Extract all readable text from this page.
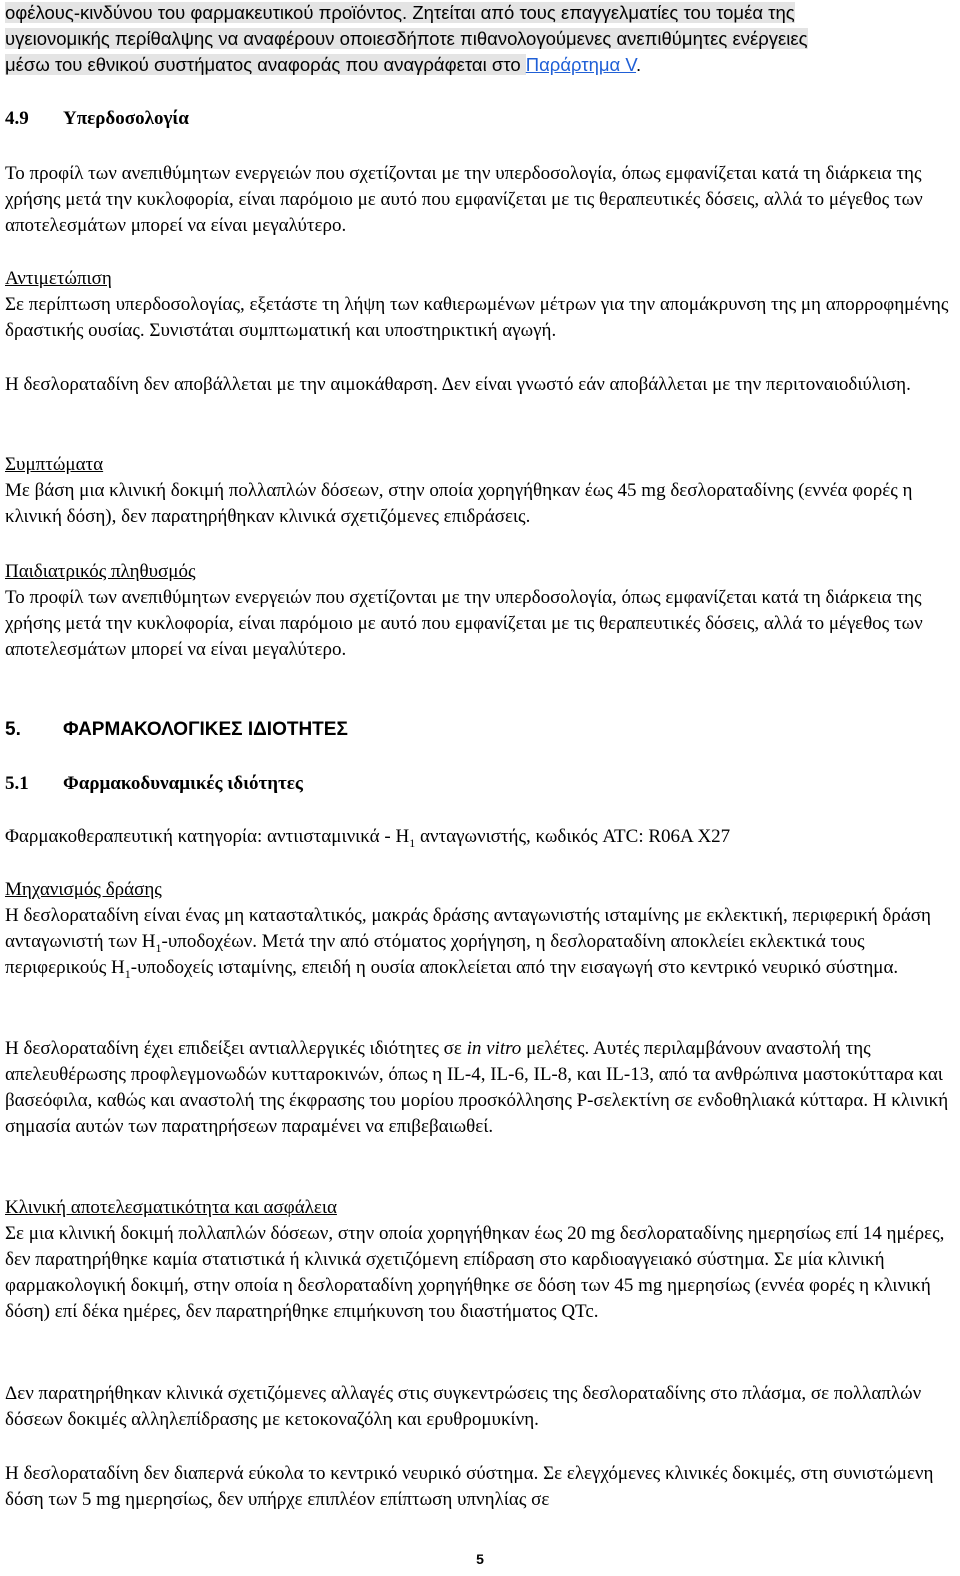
οφέλους-κινδύνου του φαρμακευτικού προϊόντος. Ζητείται από τους επαγγελματίες του τομέα της

υγειονομικής περίθαλψης να αναφέρουν οποιεσδήποτε πιθανολογούμενες ανεπιθύμητες ενέργειες

μέσω του εθνικού συστήματος αναφοράς που αναγράφεται στο Παράρτημα V.

4.9 Υπερδοσολογία
Το προφίλ των ανεπιθύμητων ενεργειών που σχετίζονται με την υπερδοσολογία, όπως εμφανίζεται κατά τη διάρκεια της χρήσης μετά την κυκλοφορία, είναι παρόμοιο με αυτό που εμφανίζεται με τις θεραπευτικές δόσεις, αλλά το μέγεθος των αποτελεσμάτων μπορεί να είναι μεγαλύτερο.

Αντιμετώπιση

Σε περίπτωση υπερδοσολογίας, εξετάστε τη λήψη των καθιερωμένων μέτρων για την απομάκρυνση της μη απορροφημένης δραστικής ουσίας. Συνιστάται συμπτωματική και υποστηρικτική αγωγή.

Η δεσλοραταδίνη δεν αποβάλλεται με την αιμοκάθαρση. Δεν είναι γνωστό εάν αποβάλλεται με την περιτοναιοδιύλιση.

Συμπτώματα

Με βάση μια κλινική δοκιμή πολλαπλών δόσεων, στην οποία χορηγήθηκαν έως 45 mg δεσλοραταδίνης (εννέα φορές η κλινική δόση), δεν παρατηρήθηκαν κλινικά σχετιζόμενες επιδράσεις.

Παιδιατρικός πληθυσμός

Το προφίλ των ανεπιθύμητων ενεργειών που σχετίζονται με την υπερδοσολογία, όπως εμφανίζεται κατά τη διάρκεια της χρήσης μετά την κυκλοφορία, είναι παρόμοιο με αυτό που εμφανίζεται με τις θεραπευτικές δόσεις, αλλά το μέγεθος των αποτελεσμάτων μπορεί να είναι μεγαλύτερο.

5. ΦΑΡΜΑΚΟΛΟΓΙΚΕΣ ΙΔΙΟΤΗΤΕΣ
5.1 Φαρμακοδυναμικές ιδιότητες
Φαρμακοθεραπευτική κατηγορία: αντιισταμινικά - $H_1$ ανταγωνιστής, κωδικός ATC: R06A X27

Μηχανισμός δράσης

Η δεσλοραταδίνη είναι ένας μη κατασταλτικός, μακράς δράσης ανταγωνιστής ισταμίνης με εκλεκτική, περιφερική δράση ανταγωνιστή των $H_1$-υποδοχέων. Μετά την από στόματος χορήγηση, η δεσλοραταδίνη αποκλείει εκλεκτικά τους περιφερικούς $H_1$-υποδοχείς ισταμίνης, επειδή η ουσία αποκλείεται από την εισαγωγή στο κεντρικό νευρικό σύστημα.

Η δεσλοραταδίνη έχει επιδείξει αντιαλλεργικές ιδιότητες σε in vitro μελέτες. Αυτές περιλαμβάνουν αναστολή της απελευθέρωσης προφλεγμονωδών κυτταροκινών, όπως η IL-4, IL-6, IL-8, και IL-13, από τα ανθρώπινα μαστοκύτταρα και βασεόφιλα, καθώς και αναστολή της έκφρασης του μορίου προσκόλλησης P-σελεκτίνη σε ενδοθηλιακά κύτταρα. Η κλινική σημασία αυτών των παρατηρήσεων παραμένει να επιβεβαιωθεί.

Κλινική αποτελεσματικότητα και ασφάλεια

Σε μια κλινική δοκιμή πολλαπλών δόσεων, στην οποία χορηγήθηκαν έως 20 mg δεσλοραταδίνης ημερησίως επί 14 ημέρες, δεν παρατηρήθηκε καμία στατιστικά ή κλινικά σχετιζόμενη επίδραση στο καρδιοαγγειακό σύστημα. Σε μία κλινική φαρμακολογική δοκιμή, στην οποία η δεσλοραταδίνη χορηγήθηκε σε δόση των 45 mg ημερησίως (εννέα φορές η κλινική δόση) επί δέκα ημέρες, δεν παρατηρήθηκε επιμήκυνση του διαστήματος QTc.

Δεν παρατηρήθηκαν κλινικά σχετιζόμενες αλλαγές στις συγκεντρώσεις της δεσλοραταδίνης στο πλάσμα, σε πολλαπλών δόσεων δοκιμές αλληλεπίδρασης με κετοκοναζόλη και ερυθρομυκίνη.
Η δεσλοραταδίνη δεν διαπερνά εύκολα το κεντρικό νευρικό σύστημα. Σε ελεγχόμενες κλινικές δοκιμές, στη συνιστώμενη δόση των 5 mg ημερησίως, δεν υπήρχε επιπλέον επίπτωση υπνηλίας σε
5
